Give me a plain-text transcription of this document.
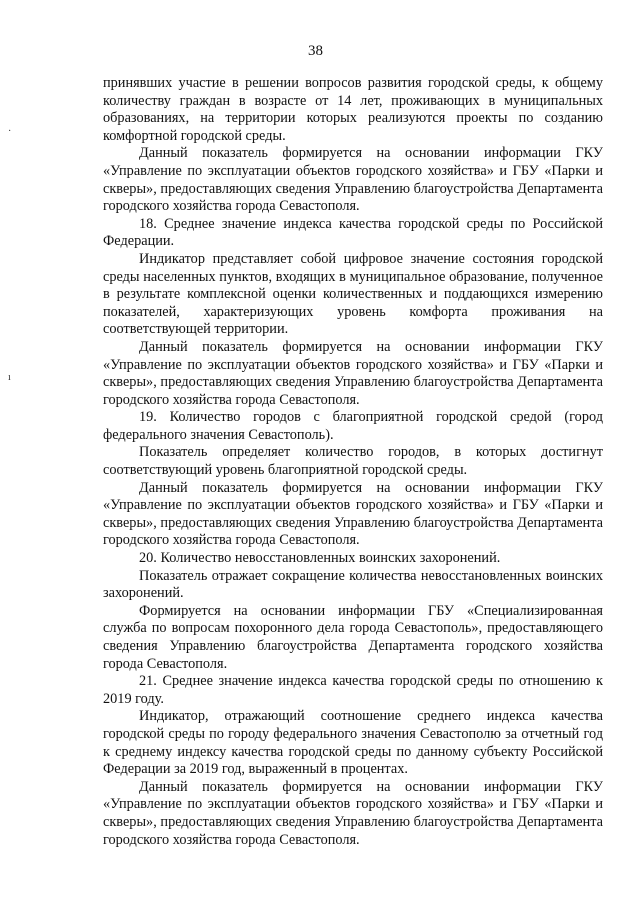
38
·
ı

принявших участие в решении вопросов развития городской среды, к общему количеству граждан в возрасте от 14 лет, проживающих в муниципальных образованиях, на территории которых реализуются проекты по созданию комфортной городской среды.

Данный показатель формируется на основании информации ГКУ «Управление по эксплуатации объектов городского хозяйства» и ГБУ «Парки и скверы», предоставляющих сведения Управлению благоустройства Департамента городского хозяйства города Севастополя.

18. Среднее значение индекса качества городской среды по Российской Федерации.

Индикатор представляет собой цифровое значение состояния городской среды населенных пунктов, входящих в муниципальное образование, полученное в результате комплексной оценки количественных и поддающихся измерению показателей, характеризующих уровень комфорта проживания на соответствующей территории.

Данный показатель формируется на основании информации ГКУ «Управление по эксплуатации объектов городского хозяйства» и ГБУ «Парки и скверы», предоставляющих сведения Управлению благоустройства Департамента городского хозяйства города Севастополя.

19. Количество городов с благоприятной городской средой (город федерального значения Севастополь).

Показатель определяет количество городов, в которых достигнут соответствующий уровень благоприятной городской среды.

Данный показатель формируется на основании информации ГКУ «Управление по эксплуатации объектов городского хозяйства» и ГБУ «Парки и скверы», предоставляющих сведения Управлению благоустройства Департамента городского хозяйства города Севастополя.

20. Количество невосстановленных воинских захоронений.

Показатель отражает сокращение количества невосстановленных воинских захоронений.

Формируется на основании информации ГБУ «Специализированная служба по вопросам похоронного дела города Севастополь», предоставляющего сведения Управлению благоустройства Департамента городского хозяйства города Севастополя.

21. Среднее значение индекса качества городской среды по отношению к 2019 году.

Индикатор, отражающий соотношение среднего индекса качества городской среды по городу федерального значения Севастополю за отчетный год к среднему индексу качества городской среды по данному субъекту Российской Федерации за 2019 год, выраженный в процентах.

Данный показатель формируется на основании информации ГКУ «Управление по эксплуатации объектов городского хозяйства» и ГБУ «Парки и скверы», предоставляющих сведения Управлению благоустройства Департамента городского хозяйства города Севастополя.
